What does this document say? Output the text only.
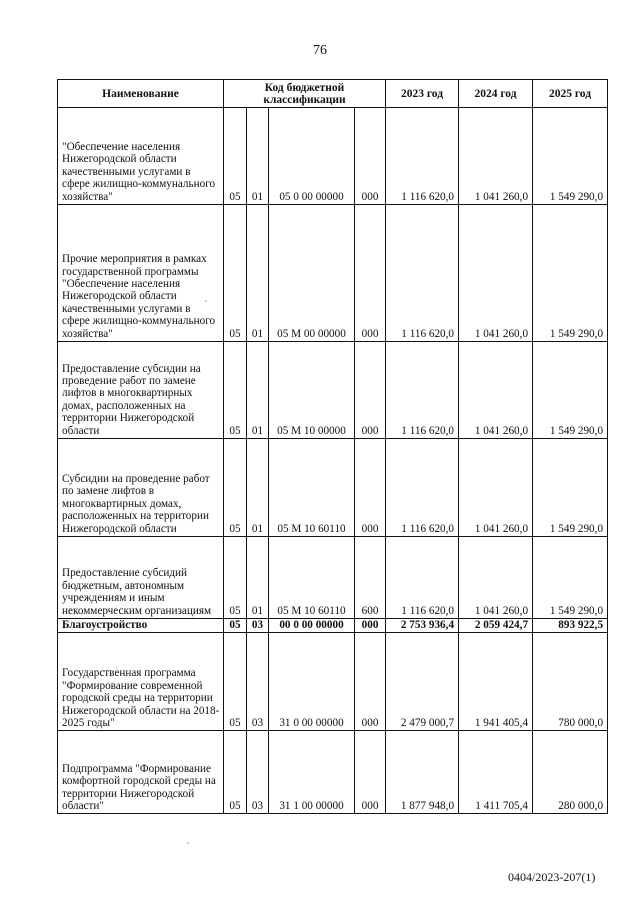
76
Наименование	Код бюджетной классификации				2023 год	2024 год	2025 год
"Обеспечение населения Нижегородской области качественными услугами в сфере жилищно-коммунального хозяйства"	05	01	05 0 00 00000	000	1 116 620,0	1 041 260,0	1 549 290,0
Прочие мероприятия в рамках государственной программы "Обеспечение населения Нижегородской области качественными услугами в сфере жилищно-коммунального хозяйства"	05	01	05 М 00 00000	000	1 116 620,0	1 041 260,0	1 549 290,0
Предоставление субсидии на проведение работ по замене лифтов в многоквартирных домах, расположенных на территории Нижегородской области	05	01	05 М 10 00000	000	1 116 620,0	1 041 260,0	1 549 290,0
Субсидии на проведение работ по замене лифтов в многоквартирных домах, расположенных на территории Нижегородской области	05	01	05 М 10 60110	000	1 116 620,0	1 041 260,0	1 549 290,0
Предоставление субсидий бюджетным, автономным учреждениям и иным некоммерческим организациям	05	01	05 М 10 60110	600	1 116 620,0	1 041 260,0	1 549 290,0
Благоустройство	05	03	00 0 00 00000	000	2 753 936,4	2 059 424,7	893 922,5
Государственная программа "Формирование современной городской среды на территории Нижегородской области на 2018-2025 годы"	05	03	31 0 00 00000	000	2 479 000,7	1 941 405,4	780 000,0
Подпрограмма "Формирование комфортной городской среды на территории Нижегородской области"	05	03	31 1 00 00000	000	1 877 948,0	1 411 705,4	280 000,0
0404/2023-207(1)
